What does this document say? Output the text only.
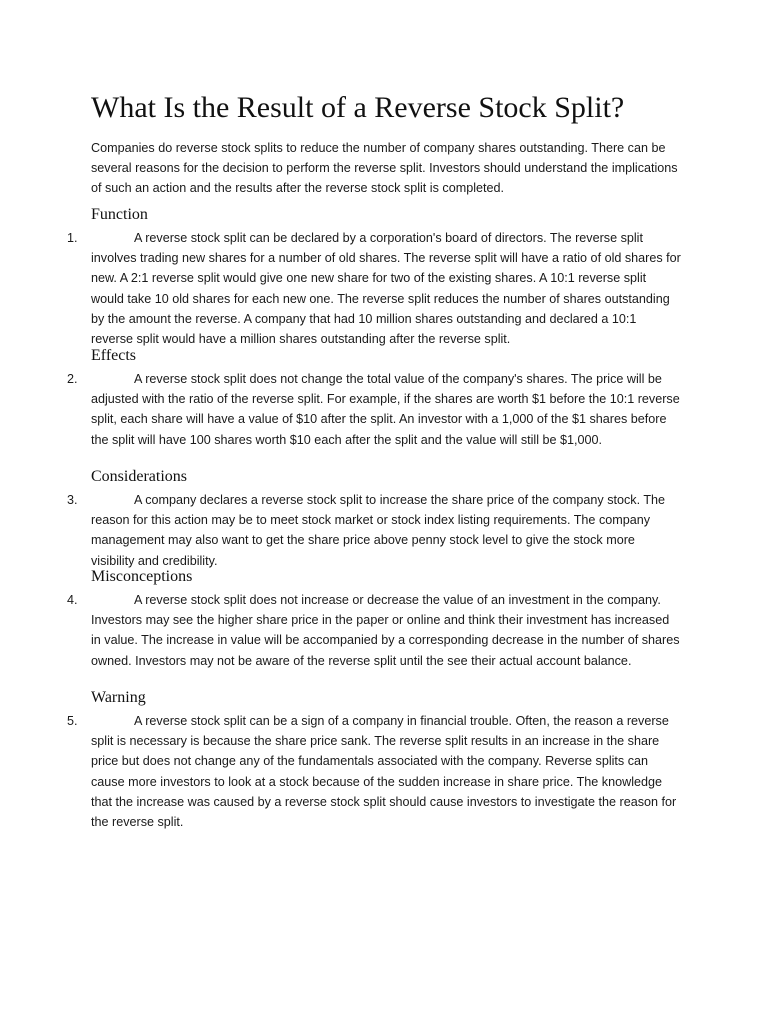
What Is the Result of a Reverse Stock Split?

Companies do reverse stock splits to reduce the number of company shares outstanding. There can be several reasons for the decision to perform the reverse split. Investors should understand the implications of such an action and the results after the reverse stock split is completed.

Function
1.	A reverse stock split can be declared by a corporation's board of directors. The reverse split involves trading new shares for a number of old shares. The reverse split will have a ratio of old shares for new. A 2:1 reverse split would give one new share for two of the existing shares. A 10:1 reverse split would take 10 old shares for each new one. The reverse split reduces the number of shares outstanding by the amount the reverse. A company that had 10 million shares outstanding and declared a 10:1 reverse split would have a million shares outstanding after the reverse split.

Effects
2.	A reverse stock split does not change the total value of the company's shares. The price will be adjusted with the ratio of the reverse split. For example, if the shares are worth $1 before the 10:1 reverse split, each share will have a value of $10 after the split. An investor with a 1,000 of the $1 shares before the split will have 100 shares worth $10 each after the split and the value will still be $1,000.

Considerations
3.	A company declares a reverse stock split to increase the share price of the company stock. The reason for this action may be to meet stock market or stock index listing requirements. The company management may also want to get the share price above penny stock level to give the stock more visibility and credibility.

Misconceptions
4.	A reverse stock split does not increase or decrease the value of an investment in the company. Investors may see the higher share price in the paper or online and think their investment has increased in value. The increase in value will be accompanied by a corresponding decrease in the number of shares owned. Investors may not be aware of the reverse split until the see their actual account balance.

Warning
5.	A reverse stock split can be a sign of a company in financial trouble. Often, the reason a reverse split is necessary is because the share price sank. The reverse split results in an increase in the share price but does not change any of the fundamentals associated with the company. Reverse splits can cause more investors to look at a stock because of the sudden increase in share price. The knowledge that the increase was caused by a reverse stock split should cause investors to investigate the reason for the reverse split.
